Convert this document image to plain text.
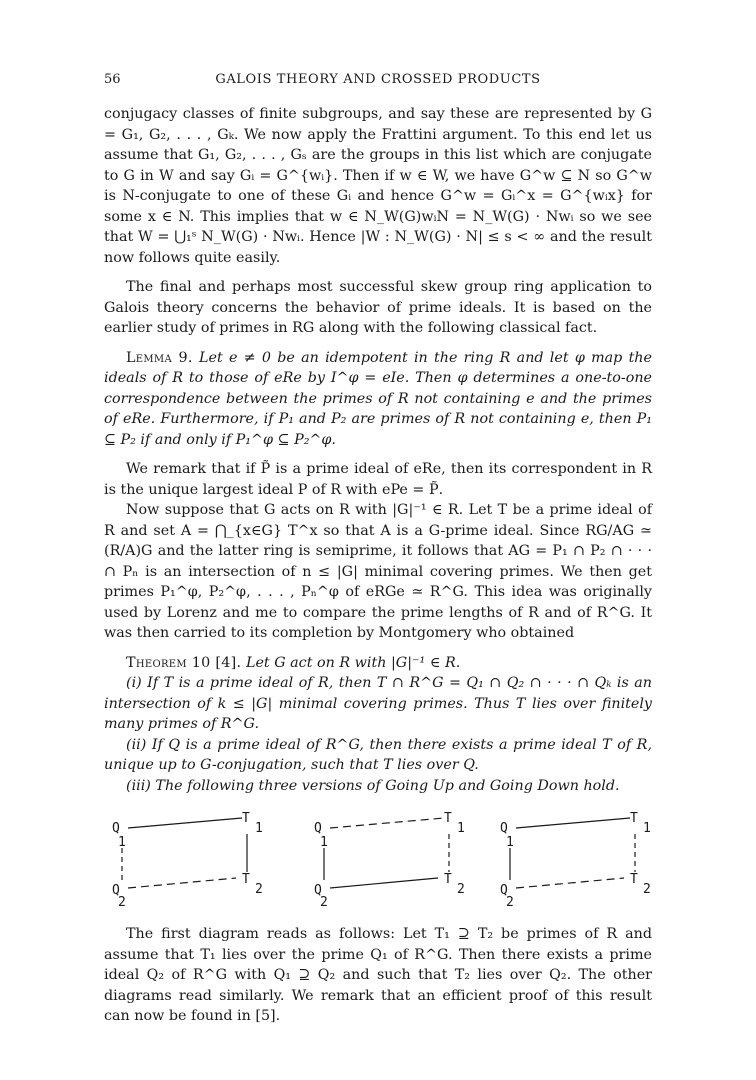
56	GALOIS THEORY AND CROSSED PRODUCTS

conjugacy classes of finite subgroups, and say these are represented by G = G₁, G₂, . . . , Gₖ. We now apply the Frattini argument. To this end let us assume that G₁, G₂, . . . , Gₛ are the groups in this list which are conjugate to G in W and say Gᵢ = G^{wᵢ}. Then if w ∈ W, we have G^w ⊆ N so G^w is N-conjugate to one of these Gᵢ and hence G^w = Gᵢ^x = G^{wᵢx} for some x ∈ N. This implies that w ∈ N_W(G)wᵢN = N_W(G) · Nwᵢ so we see that W = ⋃₁ˢ N_W(G) · Nwᵢ. Hence |W : N_W(G) · N| ≤ s < ∞ and the result now follows quite easily.

The final and perhaps most successful skew group ring application to Galois theory concerns the behavior of prime ideals. It is based on the earlier study of primes in RG along with the following classical fact.

Lemma 9. Let e ≠ 0 be an idempotent in the ring R and let φ map the ideals of R to those of eRe by I^φ = eIe. Then φ determines a one-to-one correspondence between the primes of R not containing e and the primes of eRe. Furthermore, if P₁ and P₂ are primes of R not containing e, then P₁ ⊆ P₂ if and only if P₁^φ ⊆ P₂^φ.

We remark that if P̃ is a prime ideal of eRe, then its correspondent in R is the unique largest ideal P of R with ePe = P̃.

Now suppose that G acts on R with |G|⁻¹ ∈ R. Let T be a prime ideal of R and set A = ⋂_{x∈G} T^x so that A is a G-prime ideal. Since RG/AG ≃ (R/A)G and the latter ring is semiprime, it follows that AG = P₁ ∩ P₂ ∩ · · · ∩ Pₙ is an intersection of n ≤ |G| minimal covering primes. We then get primes P₁^φ, P₂^φ, . . . , Pₙ^φ of eRGe ≃ R^G. This idea was originally used by Lorenz and me to compare the prime lengths of R and of R^G. It was then carried to its completion by Montgomery who obtained

Theorem 10 [4]. Let G act on R with |G|⁻¹ ∈ R.

(i) If T is a prime ideal of R, then T ∩ R^G = Q₁ ∩ Q₂ ∩ · · · ∩ Qₖ is an intersection of k ≤ |G| minimal covering primes. Thus T lies over finitely many primes of R^G.

(ii) If Q is a prime ideal of R^G, then there exists a prime ideal T of R, unique up to G-conjugation, such that T lies over Q.

(iii) The following three versions of Going Up and Going Down hold.

Q
1
T
1
T
2
Q
2
Q
1
T
1
T
2
Q
2
Q
1
T
1
T
2
Q
2

The first diagram reads as follows: Let T₁ ⊇ T₂ be primes of R and assume that T₁ lies over the prime Q₁ of R^G. Then there exists a prime ideal Q₂ of R^G with Q₁ ⊇ Q₂ and such that T₂ lies over Q₂. The other diagrams read similarly. We remark that an efficient proof of this result can now be found in [5].
